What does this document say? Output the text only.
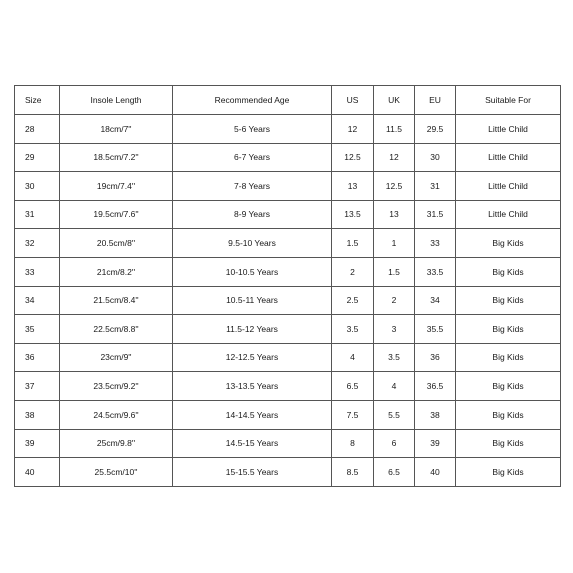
Size	Insole Length	Recommended Age	US	UK	EU	Suitable For
28	18cm/7''	5-6 Years	12	11.5	29.5	Little Child
29	18.5cm/7.2''	6-7 Years	12.5	12	30	Little Child
30	19cm/7.4''	7-8 Years	13	12.5	31	Little Child
31	19.5cm/7.6''	8-9 Years	13.5	13	31.5	Little Child
32	20.5cm/8''	9.5-10 Years	1.5	1	33	Big Kids
33	21cm/8.2''	10-10.5 Years	2	1.5	33.5	Big Kids
34	21.5cm/8.4''	10.5-11 Years	2.5	2	34	Big Kids
35	22.5cm/8.8''	11.5-12 Years	3.5	3	35.5	Big Kids
36	23cm/9''	12-12.5 Years	4	3.5	36	Big Kids
37	23.5cm/9.2''	13-13.5 Years	6.5	4	36.5	Big Kids
38	24.5cm/9.6''	14-14.5 Years	7.5	5.5	38	Big Kids
39	25cm/9.8''	14.5-15 Years	8	6	39	Big Kids
40	25.5cm/10''	15-15.5 Years	8.5	6.5	40	Big Kids
